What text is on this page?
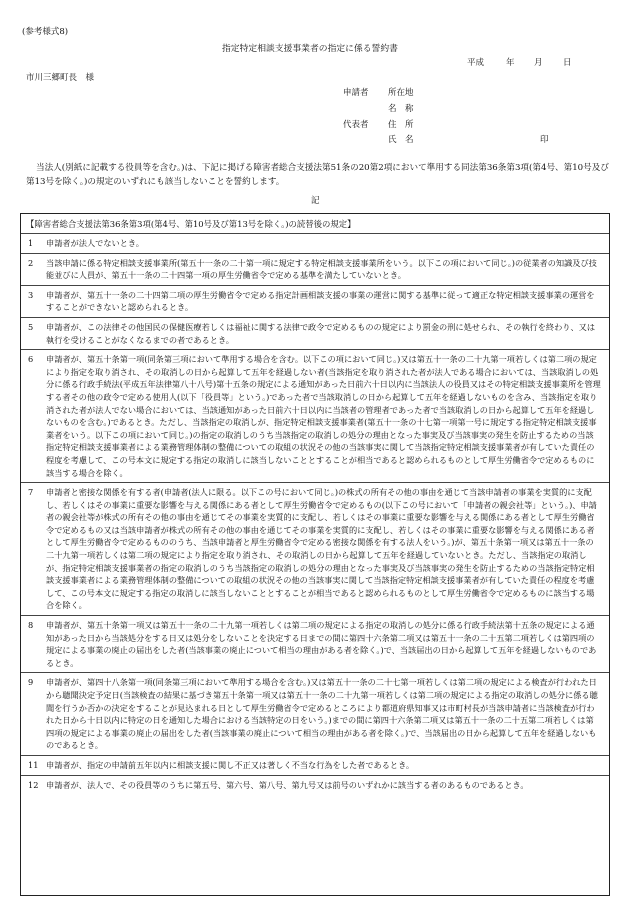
(参考様式8)
指定特定相談支援事業者の指定に係る誓約書
平成	年 月 日
市川三郷町長　様
申請者 所在地
名　称
代表者 住　所
氏　名	印
当法人(別紙に記載する役員等を含む。)は、下記に掲げる障害者総合支援法第51条の20第2項において準用する同法第36条第3項(第4号、第10号及び第13号を除く。)の規定のいずれにも該当しないことを誓約します。
記
【障害者総合支援法第36条第3項(第4号、第10号及び第13号を除く。)の読替後の規定】
1	申請者が法人でないとき。
2	当該申請に係る特定相談支援事業所(第五十一条の二十第一項に規定する特定相談支援事業所をいう。以下この項において同じ。)の従業者の知識及び技能並びに人員が、第五十一条の二十四第一項の厚生労働省令で定める基準を満たしていないとき。
3	申請者が、第五十一条の二十四第二項の厚生労働省令で定める指定計画相談支援の事業の運営に関する基準に従って適正な特定相談支援事業の運営をすることができないと認められるとき。
5	申請者が、この法律その他国民の保健医療若しくは福祉に関する法律で政令で定めるものの規定により罰金の刑に処せられ、その執行を終わり、又は執行を受けることがなくなるまでの者であるとき。
6	申請者が、第五十条第一項(同条第三項において準用する場合を含む。以下この項において同じ。)又は第五十一条の二十九第一項若しくは第二項の規定により指定を取り消され、その取消しの日から起算して五年を経過しない者(当該指定を取り消された者が法人である場合においては、当該取消しの処分に係る行政手続法(平成五年法律第八十八号)第十五条の規定による通知があった日前六十日以内に当該法人の役員又はその特定相談支援事業所を管理する者その他の政令で定める使用人(以下「役員等」という。)であった者で当該取消しの日から起算して五年を経過しないものを含み、当該指定を取り消された者が法人でない場合においては、当該通知があった日前六十日以内に当該者の管理者であった者で当該取消しの日から起算して五年を経過しないものを含む。)であるとき。ただし、当該指定の取消しが、指定特定相談支援事業者(第五十一条の十七第一項第一号に規定する指定特定相談支援事業者をいう。以下この項において同じ。)の指定の取消しのうち当該指定の取消しの処分の理由となった事実及び当該事実の発生を防止するための当該指定特定相談支援事業者による業務管理体制の整備についての取組の状況その他の当該事実に関して当該指定特定相談支援事業者が有していた責任の程度を考慮して、この号本文に規定する指定の取消しに該当しないこととすることが相当であると認められるものとして厚生労働省令で定めるものに該当する場合を除く。
7	申請者と密接な関係を有する者(申請者(法人に限る。以下この号において同じ。)の株式の所有その他の事由を通じて当該申請者の事業を実質的に支配し、若しくはその事業に重要な影響を与える関係にある者として厚生労働省令で定めるもの(以下この号において「申請者の親会社等」という。)、申請者の親会社等が株式の所有その他の事由を通じてその事業を実質的に支配し、若しくはその事業に重要な影響を与える関係にある者として厚生労働省令で定めるもの又は当該申請者が株式の所有その他の事由を通じてその事業を実質的に支配し、若しくはその事業に重要な影響を与える関係にある者として厚生労働省令で定めるもののうち、当該申請者と厚生労働省令で定める密接な関係を有する法人をいう。)が、第五十条第一項又は第五十一条の二十九第一項若しくは第二項の規定により指定を取り消され、その取消しの日から起算して五年を経過していないとき。ただし、当該指定の取消しが、指定特定相談支援事業者の指定の取消しのうち当該指定の取消しの処分の理由となった事実及び当該事実の発生を防止するための当該指定特定相談支援事業者による業務管理体制の整備についての取組の状況その他の当該事実に関して当該指定特定相談支援事業者が有していた責任の程度を考慮して、この号本文に規定する指定の取消しに該当しないこととすることが相当であると認められるものとして厚生労働省令で定めるものに該当する場合を除く。
8	申請者が、第五十条第一項又は第五十一条の二十九第一項若しくは第二項の規定による指定の取消しの処分に係る行政手続法第十五条の規定による通知があった日から当該処分をする日又は処分をしないことを決定する日までの間に第四十六条第二項又は第五十一条の二十五第二項若しくは第四項の規定による事業の廃止の届出をした者(当該事業の廃止について相当の理由がある者を除く。)で、当該届出の日から起算して五年を経過しないものであるとき。
9	申請者が、第四十八条第一項(同条第三項において準用する場合を含む。)又は第五十一条の二十七第一項若しくは第二項の規定による検査が行われた日から聴聞決定予定日(当該検査の結果に基づき第五十条第一項又は第五十一条の二十九第一項若しくは第二項の規定による指定の取消しの処分に係る聴聞を行うか否かの決定をすることが見込まれる日として厚生労働省令で定めるところにより都道府県知事又は市町村長が当該申請者に当該検査が行われた日から十日以内に特定の日を通知した場合における当該特定の日をいう。)までの間に第四十六条第二項又は第五十一条の二十五第二項若しくは第四項の規定による事業の廃止の届出をした者(当該事業の廃止について相当の理由がある者を除く。)で、当該届出の日から起算して五年を経過しないものであるとき。
11 申請者が、指定の申請前五年以内に相談支援に関し不正又は著しく不当な行為をした者であるとき。
12 申請者が、法人で、その役員等のうちに第五号、第六号、第八号、第九号又は前号のいずれかに該当する者のあるものであるとき。
